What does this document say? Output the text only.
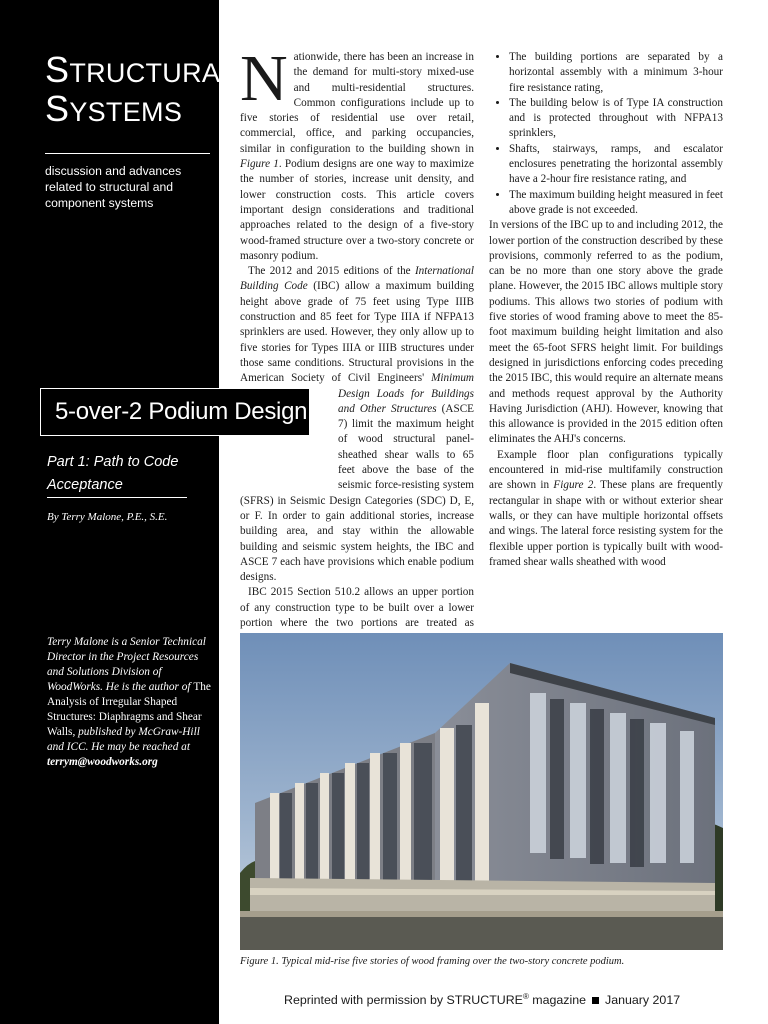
STRUCTURAL
SYSTEMS
discussion and advances related to structural and component systems
Part 1: Path to Code Acceptance
By Terry Malone, P.E., S.E.
Terry Malone is a Senior Technical Director in the Project Resources and Solutions Division of WoodWorks. He is the author of The Analysis of Irregular Shaped Structures: Diaphragms and Shear Walls, published by McGraw-Hill and ICC. He may be reached at
terrym@woodworks.org
5-over-2 Podium Design

Nationwide, there has been an increase in the demand for multi-story mixed-use and multi-residential structures. Common configurations include up to five stories of residential use over retail, commercial, office, and parking occupancies, similar in configuration to the building shown in Figure 1. Podium designs are one way to maximize the number of stories, increase unit density, and lower construction costs. This article covers important design considerations and traditional approaches related to the design of a five-story wood-framed structure over a two-story concrete or masonry podium.

The 2012 and 2015 editions of the International Building Code (IBC) allow a maximum building height above grade of 75 feet using Type IIIB construction and 85 feet for Type IIIA if NFPA13 sprinklers are used. However, they only allow up to five stories for Types IIIA or IIIB structures under those same conditions. Structural provisions in the American Society of Civil Engineers'
Minimum Design Loads for Buildings and Other Structures (ASCE 7) limit the maximum height of wood structural panel-sheathed shear walls to 65 feet above the base of the seismic force-resisting system (SFRS) in Seismic Design Categories (SDC) D, E, or F. In order to gain additional stories, increase building area, and stay within the allowable building and seismic system heights, the IBC and ASCE 7 each have provisions which enable podium designs.

IBC 2015 Section 510.2 allows an upper portion of any construction type to be built over a lower portion where the two portions are treated as

• The building portions are separated by a horizontal assembly with a minimum 3-hour fire resistance rating,
• The building below is of Type IA construction and is protected throughout with NFPA13 sprinklers,
• Shafts, stairways, ramps, and escalator enclosures penetrating the horizontal assembly have a 2-hour fire resistance rating, and
• The maximum building height measured in feet above grade is not exceeded.

In versions of the IBC up to and including 2012, the lower portion of the construction described by these provisions, commonly referred to as the podium, can be no more than one story above the grade plane. However, the 2015 IBC allows multiple story podiums. This allows two stories of podium with five stories of wood framing above to meet the 85-foot maximum building height limitation and also meet the 65-foot SFRS height limit. For buildings designed in jurisdictions enforcing codes preceding the 2015 IBC, this would require an alternate means and methods request approval by the Authority Having Jurisdiction (AHJ). However, knowing that this allowance is provided in the 2015 edition often eliminates the AHJ's concerns.

Example floor plan configurations typically encountered in mid-rise multifamily construction are shown in Figure 2. These plans are frequently rectangular in shape with or without exterior shear walls, or they can have multiple horizontal offsets and wings. The lateral force resisting system for the flexible upper portion is typically built with wood-framed shear walls sheathed with wood

Figure 1. Typical mid-rise five stories of wood framing over the two-story concrete podium.
Reprinted with permission by STRUCTURE® magazine January 2017
